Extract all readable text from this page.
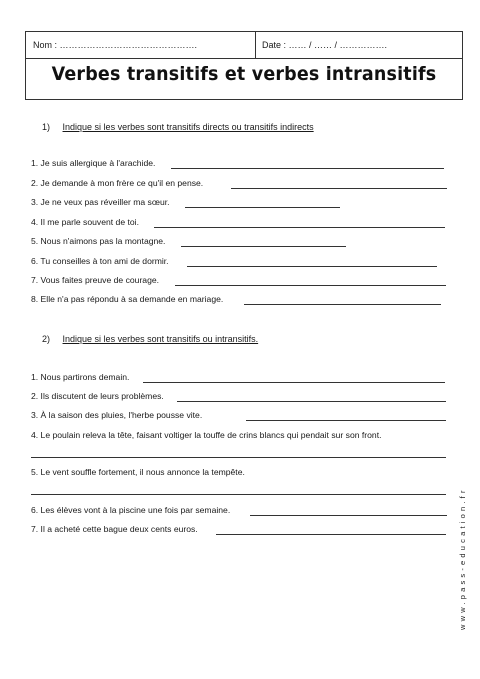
Nom : ……………………………………….	Date : …… / …… / …………….
Verbes transitifs et verbes intransitifs
1) Indique si les verbes sont transitifs directs ou transitifs indirects
1. Je suis allergique à l'arachide.
2. Je demande à mon frère ce qu'il en pense.
3. Je ne veux pas réveiller ma sœur.
4. Il me parle souvent de toi.
5. Nous n'aimons pas la montagne.
6. Tu conseilles à ton ami de dormir.
7. Vous faites preuve de courage.
8. Elle n'a pas répondu à sa demande en mariage.
2) Indique si les verbes sont transitifs ou intransitifs.
1. Nous partirons demain.
2. Ils discutent de leurs problèmes.
3. À la saison des pluies, l'herbe pousse vite.
4. Le poulain releva la tête, faisant voltiger la touffe de crins blancs qui pendait sur son front.
5. Le vent souffle fortement, il nous annonce la tempête.
6. Les élèves vont à la piscine une fois par semaine.
7. Il a acheté cette bague deux cents euros.	www.pass-education.fr
